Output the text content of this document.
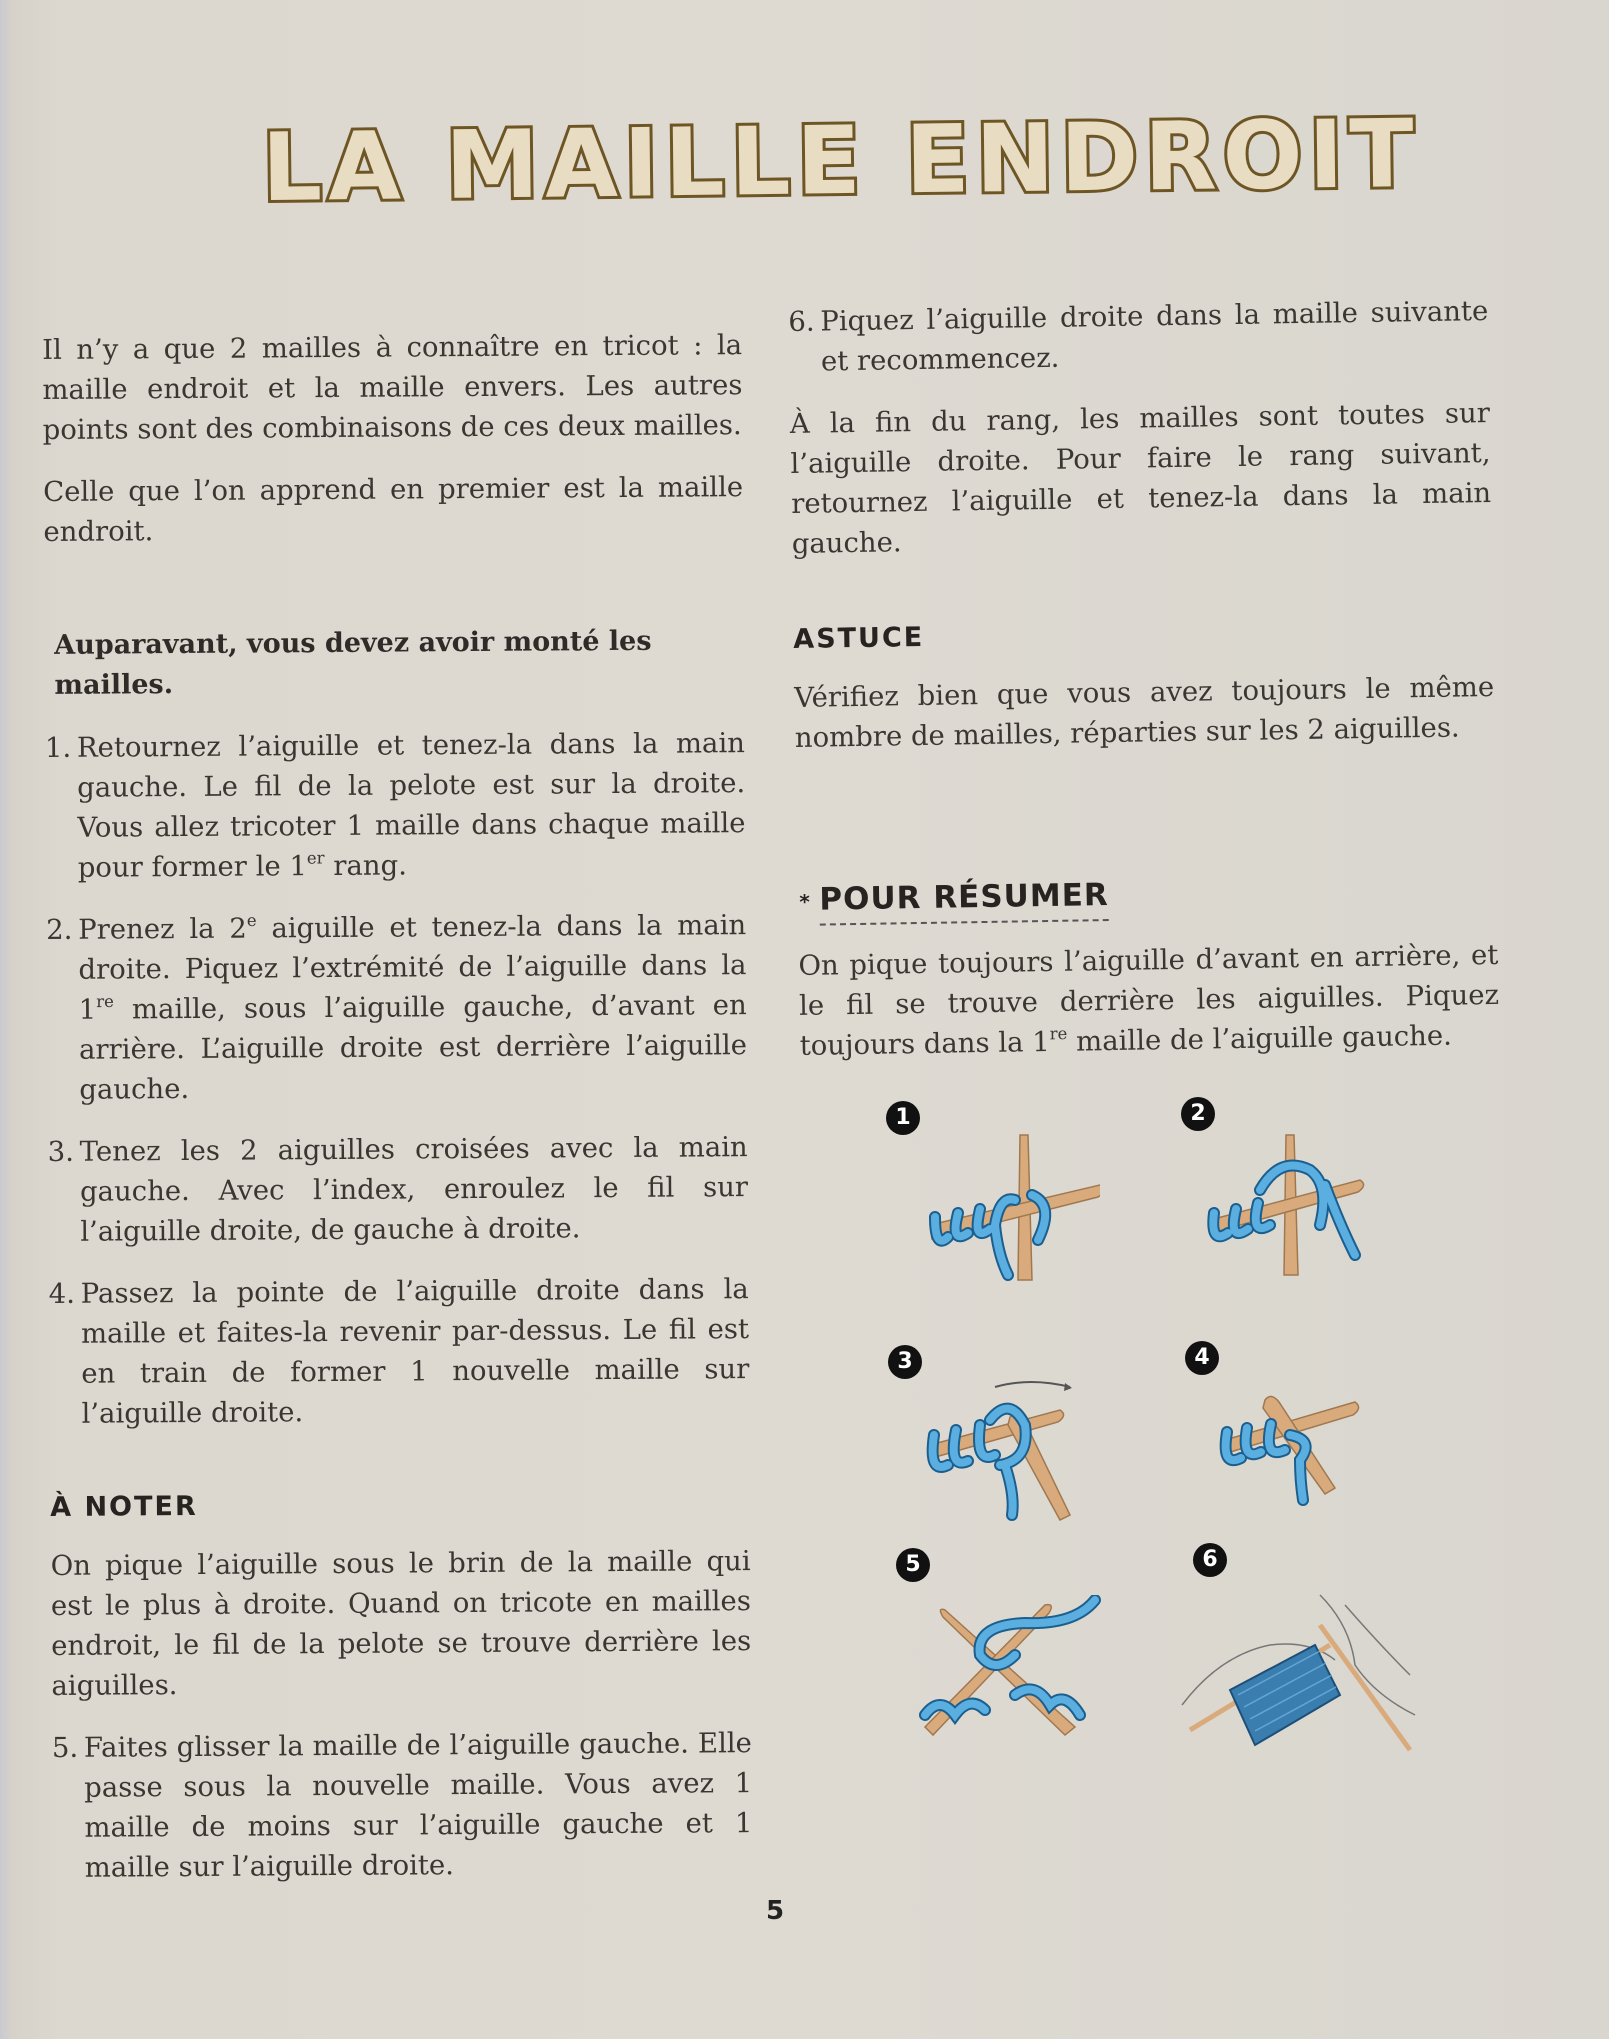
LA MAILLE ENDROIT

Il n’y a que 2 mailles à connaître en tricot : la maille endroit et la maille envers. Les autres points sont des combinaisons de ces deux mailles.

Celle que l’on apprend en premier est la maille endroit.

Auparavant, vous devez avoir monté les mailles.
1. Retournez l’aiguille et tenez-la dans la main gauche. Le fil de la pelote est sur la droite. Vous allez tricoter 1 maille dans chaque maille pour former le 1er rang.
2. Prenez la 2e aiguille et tenez-la dans la main droite. Piquez l’extrémité de l’aiguille dans la 1re maille, sous l’aiguille gauche, d’avant en arrière. L’aiguille droite est derrière l’aiguille gauche.
3. Tenez les 2 aiguilles croisées avec la main gauche. Avec l’index, enroulez le fil sur l’aiguille droite, de gauche à droite.
4. Passez la pointe de l’aiguille droite dans la maille et faites-la revenir par-dessus. Le fil est en train de former 1 nouvelle maille sur l’aiguille droite.
À NOTER

On pique l’aiguille sous le brin de la maille qui est le plus à droite. Quand on tricote en mailles endroit, le fil de la pelote se trouve derrière les aiguilles.

5. Faites glisser la maille de l’aiguille gauche. Elle passe sous la nouvelle maille. Vous avez 1 maille de moins sur l’aiguille gauche et 1 maille sur l’aiguille droite.
6. Piquez l’aiguille droite dans la maille suivante et recommencez.

À la fin du rang, les mailles sont toutes sur l’aiguille droite. Pour faire le rang suivant, retournez l’aiguille et tenez-la dans la main gauche.

ASTUCE

Vérifiez bien que vous avez toujours le même nombre de mailles, réparties sur les 2 aiguilles.

* POUR RÉSUMER

On pique toujours l’aiguille d’avant en arrière, et le fil se trouve derrière les aiguilles. Piquez toujours dans la 1re maille de l’aiguille gauche.

1	2
3	4
5	6
5
